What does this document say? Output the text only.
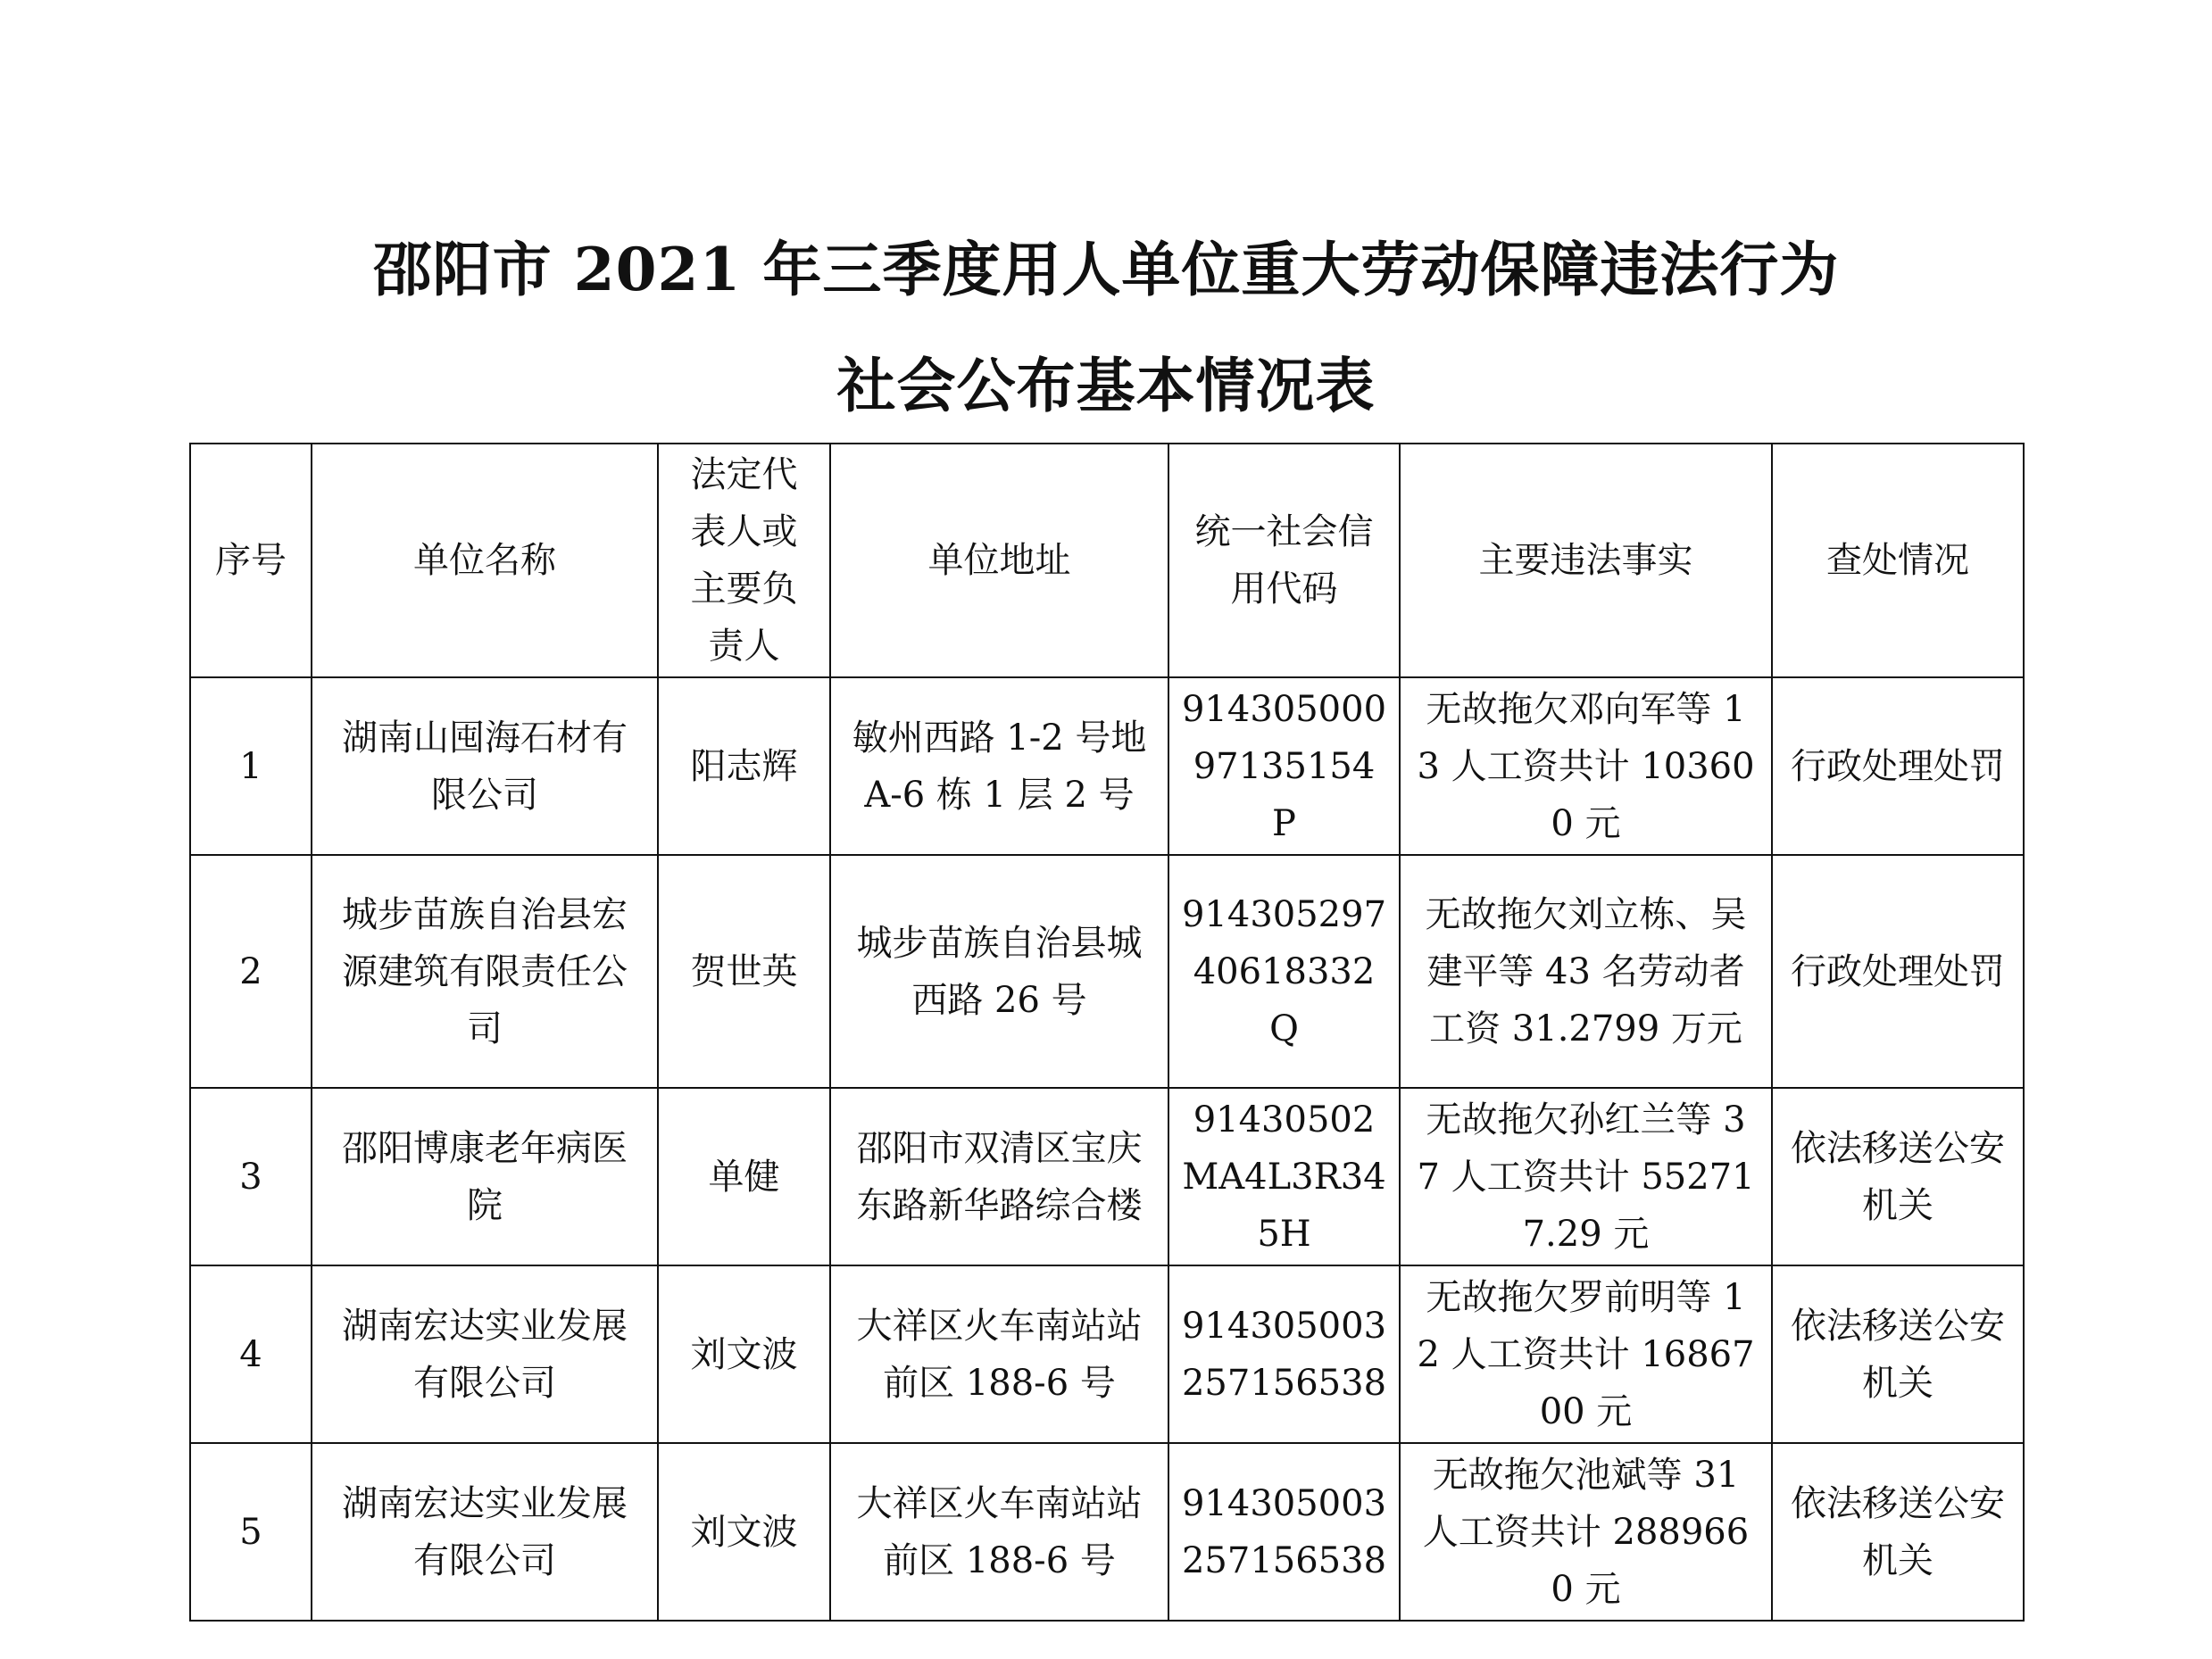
邵阳市 2021 年三季度用人单位重大劳动保障违法行为
社会公布基本情况表
序号	单位名称	法定代表人或主要负责人	单位地址	统一社会信用代码	主要违法事实	查处情况

1	湖南山囤海石材有限公司	阳志辉	敏州西路 1-2 号地 A-6 栋 1 层 2 号	91430500097135154P	无故拖欠邓向军等 13 人工资共计 103600 元	行政处理处罚

2	城步苗族自治县宏源建筑有限责任公司	贺世英	城步苗族自治县城西路 26 号	91430529740618332Q	无故拖欠刘立栋、吴建平等 43 名劳动者工资 31.2799 万元	行政处理处罚

3	邵阳博康老年病医院	单健	邵阳市双清区宝庆东路新华路综合楼	91430502MA4L3R345H	无故拖欠孙红兰等 37 人工资共计 552717.29 元	依法移送公安机关

4	湖南宏达实业发展有限公司	刘文波	大祥区火车南站站前区 188-6 号	914305003257156538	无故拖欠罗前明等 12 人工资共计 1686700 元	依法移送公安机关

5	湖南宏达实业发展有限公司	刘文波	大祥区火车南站站前区 188-6 号	914305003257156538	无故拖欠池斌等 31 人工资共计 2889660 元	依法移送公安机关
